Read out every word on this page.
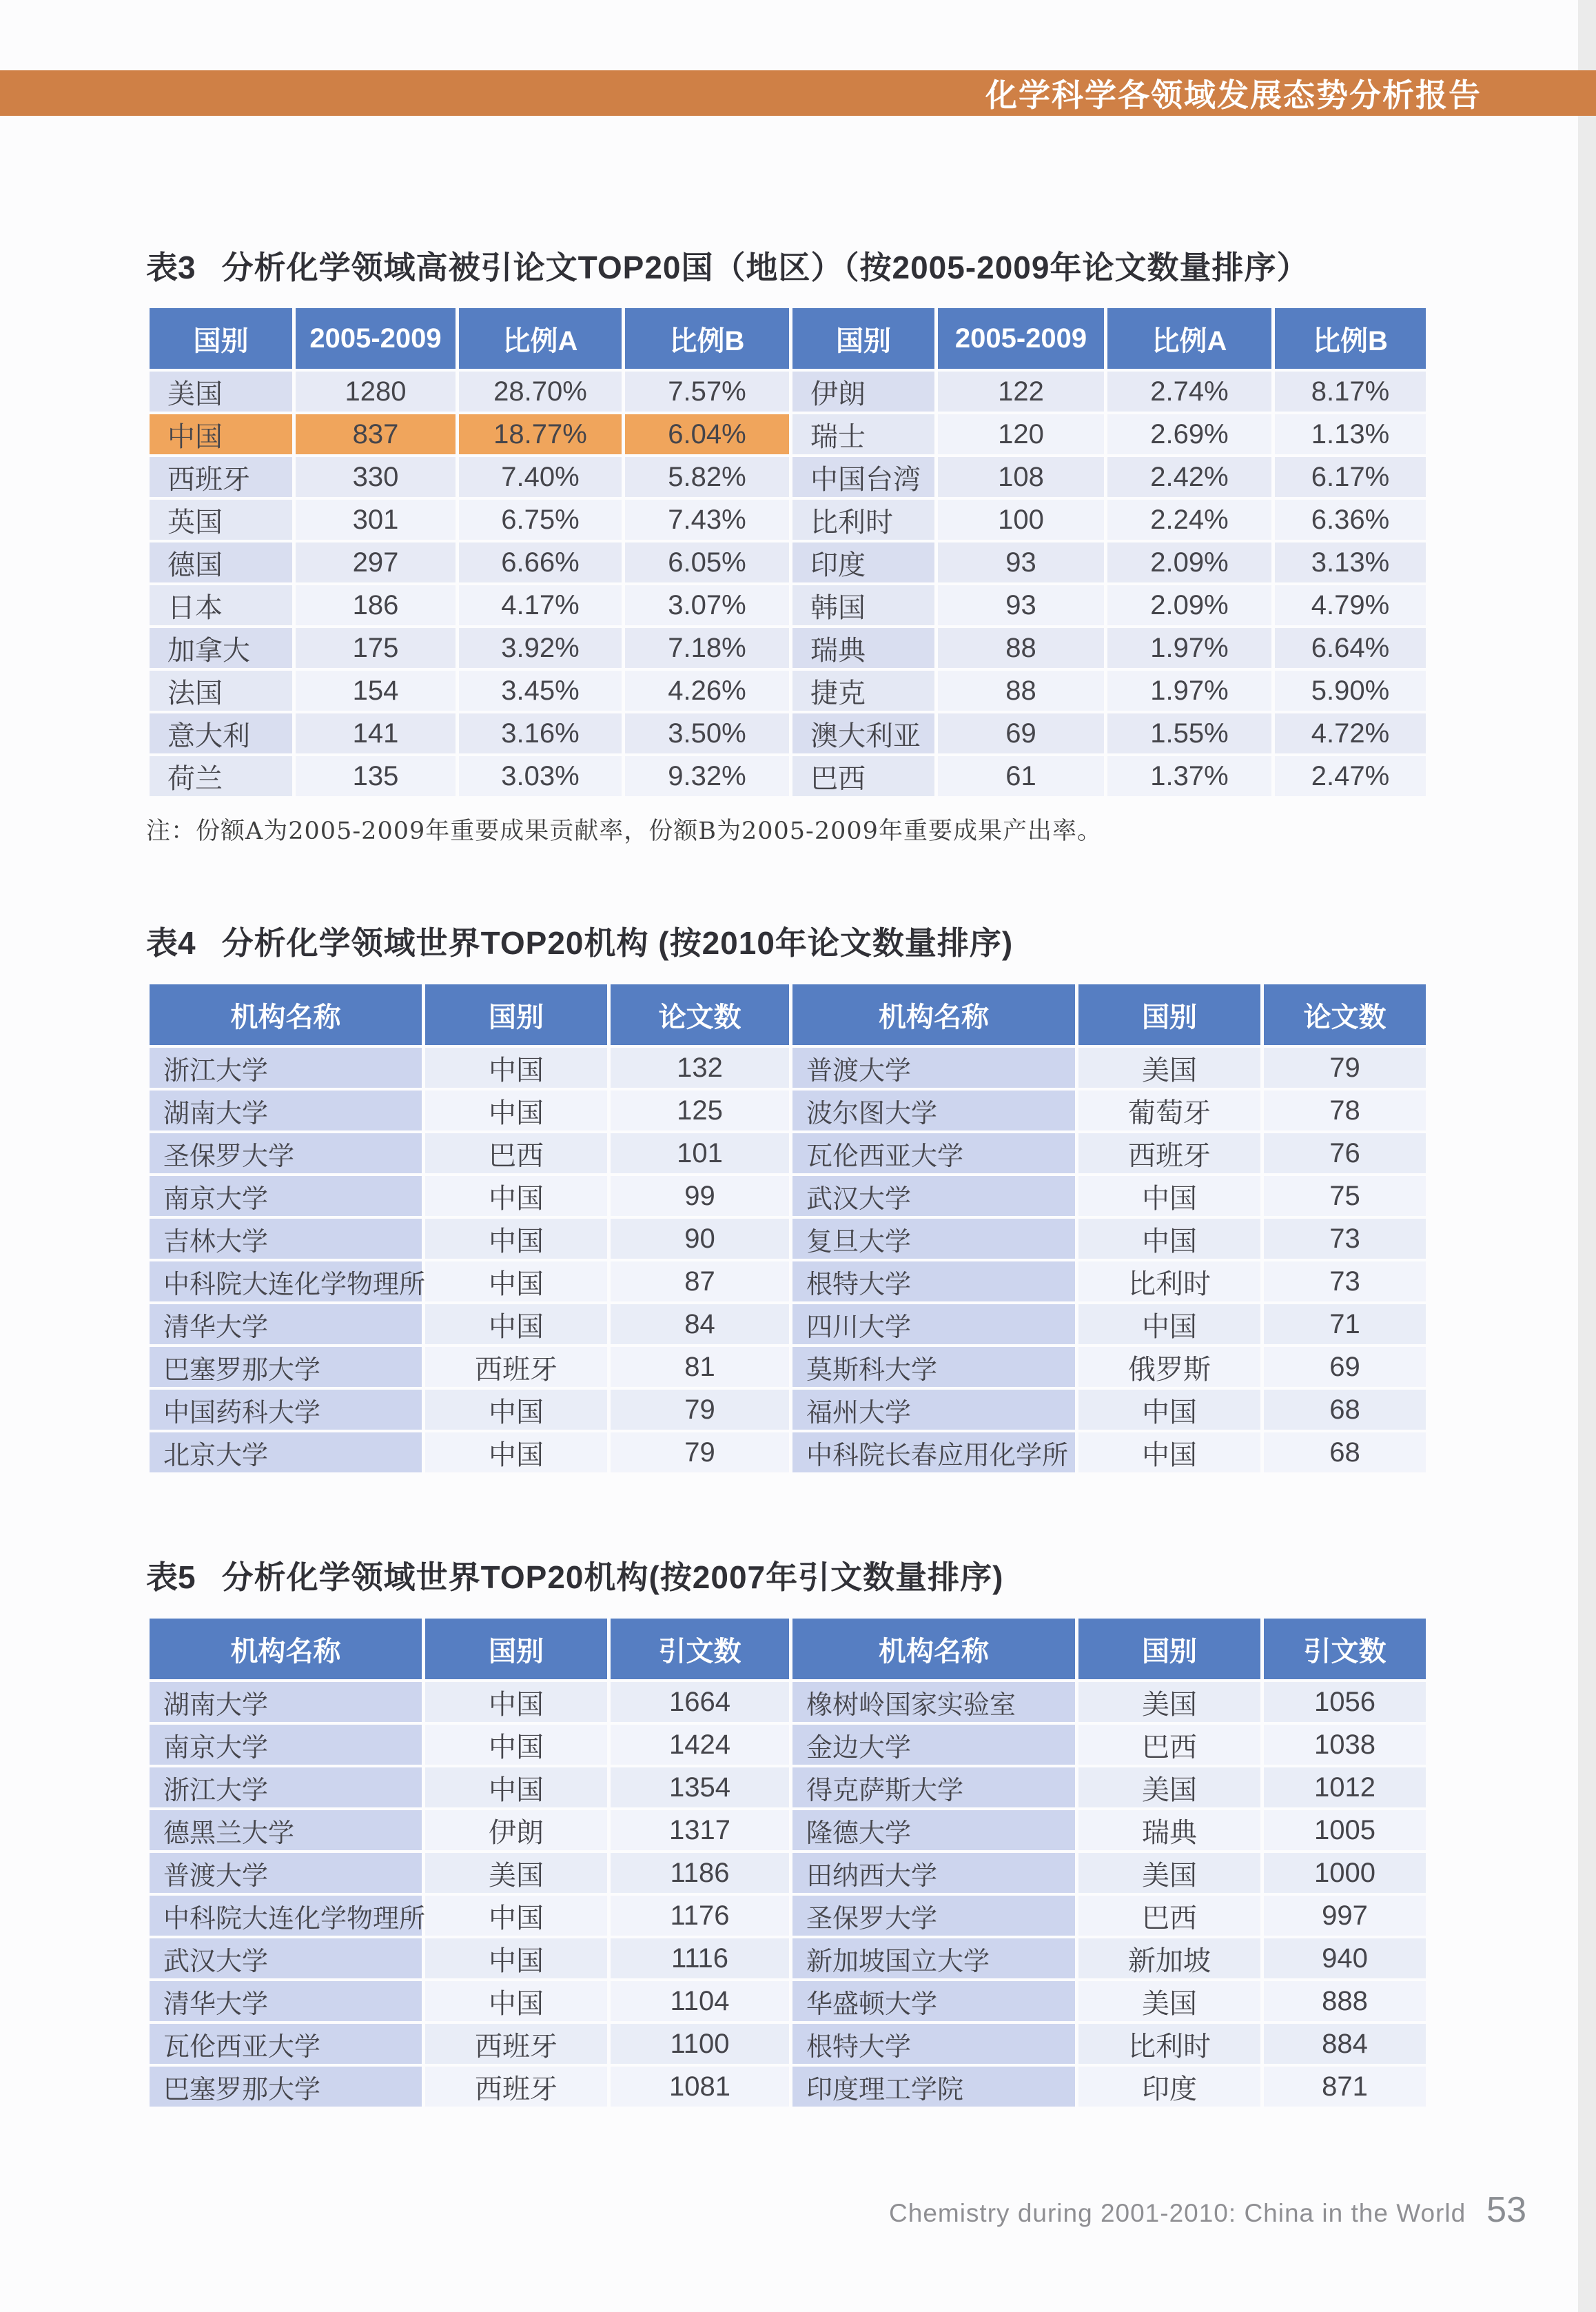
化学科学各领域发展态势分析报告
表3 分析化学领域高被引论文TOP20国（地区）（按2005-2009年论文数量排序）
国别	2005-2009	比例A	比例B	国别	2005-2009	比例A	比例B
美国	1280	28.70%	7.57%	伊朗	122	2.74%	8.17%
中国	837	18.77%	6.04%	瑞士	120	2.69%	1.13%
西班牙	330	7.40%	5.82%	中国台湾	108	2.42%	6.17%
英国	301	6.75%	7.43%	比利时	100	2.24%	6.36%
德国	297	6.66%	6.05%	印度	93	2.09%	3.13%
日本	186	4.17%	3.07%	韩国	93	2.09%	4.79%
加拿大	175	3.92%	7.18%	瑞典	88	1.97%	6.64%
法国	154	3.45%	4.26%	捷克	88	1.97%	5.90%
意大利	141	3.16%	3.50%	澳大利亚	69	1.55%	4.72%
荷兰	135	3.03%	9.32%	巴西	61	1.37%	2.47%
注：份额A为2005-2009年重要成果贡献率，份额B为2005-2009年重要成果产出率。
表4 分析化学领域世界TOP20机构 (按2010年论文数量排序)
机构名称	国别	论文数	机构名称	国别	论文数
浙江大学	中国	132	普渡大学	美国	79
湖南大学	中国	125	波尔图大学	葡萄牙	78
圣保罗大学	巴西	101	瓦伦西亚大学	西班牙	76
南京大学	中国	99	武汉大学	中国	75
吉林大学	中国	90	复旦大学	中国	73
中科院大连化学物理所	中国	87	根特大学	比利时	73
清华大学	中国	84	四川大学	中国	71
巴塞罗那大学	西班牙	81	莫斯科大学	俄罗斯	69
中国药科大学	中国	79	福州大学	中国	68
北京大学	中国	79	中科院长春应用化学所	中国	68
表5 分析化学领域世界TOP20机构(按2007年引文数量排序)
机构名称	国别	引文数	机构名称	国别	引文数
湖南大学	中国	1664	橡树岭国家实验室	美国	1056
南京大学	中国	1424	金边大学	巴西	1038
浙江大学	中国	1354	得克萨斯大学	美国	1012
德黑兰大学	伊朗	1317	隆德大学	瑞典	1005
普渡大学	美国	1186	田纳西大学	美国	1000
中科院大连化学物理所	中国	1176	圣保罗大学	巴西	997
武汉大学	中国	1116	新加坡国立大学	新加坡	940
清华大学	中国	1104	华盛顿大学	美国	888
瓦伦西亚大学	西班牙	1100	根特大学	比利时	884
巴塞罗那大学	西班牙	1081	印度理工学院	印度	871
Chemistry during 2001-2010: China in the World 53
